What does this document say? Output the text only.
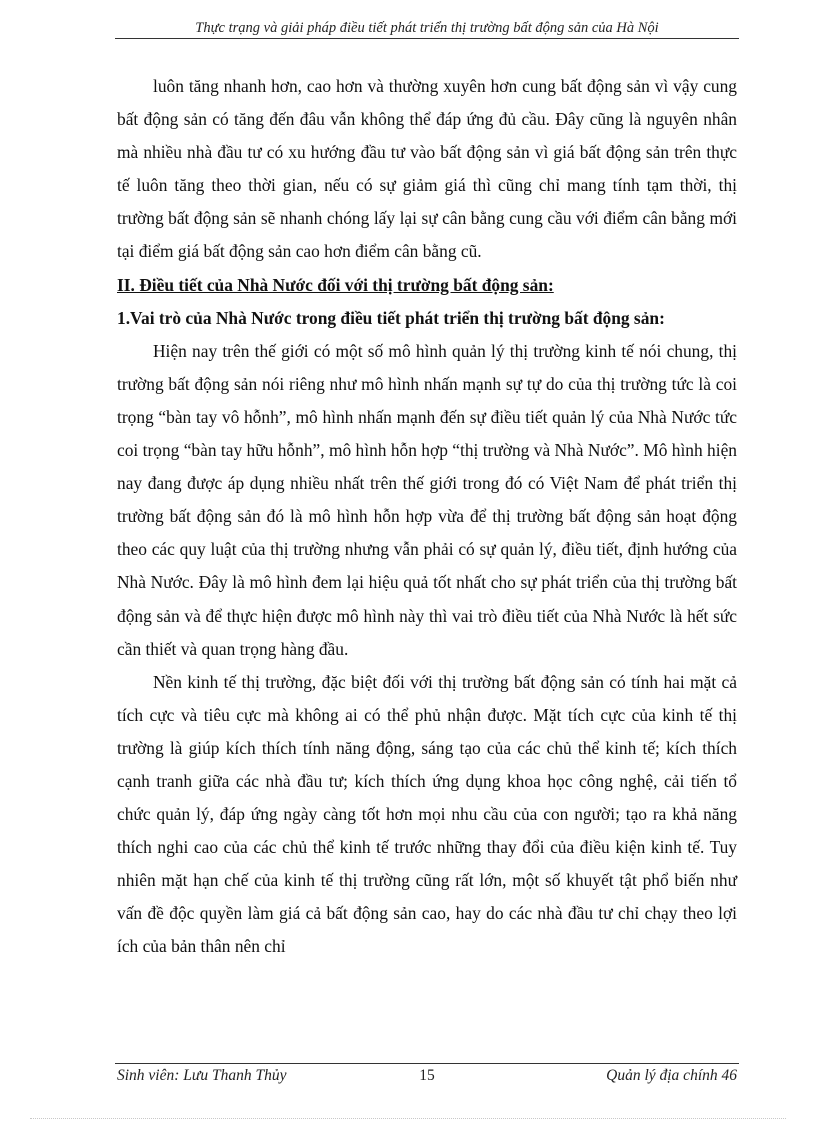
Thực trạng và giải pháp điều tiết phát triển thị trường bất động sản của Hà Nội

luôn tăng nhanh hơn, cao hơn và thường xuyên hơn cung bất động sản vì vậy cung bất động sản có tăng đến đâu vẫn không thể đáp ứng đủ cầu. Đây cũng là nguyên nhân mà nhiều nhà đầu tư có xu hướng đầu tư vào bất động sản vì giá bất động sản trên thực tế luôn tăng theo thời gian, nếu có sự giảm giá thì cũng chỉ mang tính tạm thời, thị trường bất động sản sẽ nhanh chóng lấy lại sự cân bằng cung cầu với điểm cân bằng mới tại điểm giá bất động sản cao hơn điểm cân bằng cũ.

II. Điều tiết của Nhà Nước đối với thị trường bất động sản:

1.Vai trò của Nhà Nước trong điều tiết phát triển thị trường bất động sản:

Hiện nay trên thế giới có một số mô hình quản lý thị trường kinh tế nói chung, thị trường bất động sản nói riêng như mô hình nhấn mạnh sự tự do của thị trường tức là coi trọng “bàn tay vô hỗnh”, mô hình nhấn mạnh đến sự điều tiết quản lý của Nhà Nước tức coi trọng “bàn tay hữu hỗnh”, mô hình hỗn hợp “thị trường và Nhà Nước”. Mô hình hiện nay đang được áp dụng nhiều nhất trên thế giới trong đó có Việt Nam để phát triển thị trường bất động sản đó là mô hình hỗn hợp vừa để thị trường bất động sản hoạt động theo các quy luật của thị trường nhưng vẫn phải có sự quản lý, điều tiết, định hướng của Nhà Nước. Đây là mô hình đem lại hiệu quả tốt nhất cho sự phát triển của thị trường bất động sản và để thực hiện được mô hình này thì vai trò điều tiết của Nhà Nước là hết sức cần thiết và quan trọng hàng đầu.

Nền kinh tế thị trường, đặc biệt đối với thị trường bất động sản có tính hai mặt cả tích cực và tiêu cực mà không ai có thể phủ nhận được. Mặt tích cực của kinh tế thị trường là giúp kích thích tính năng động, sáng tạo của các chủ thể kinh tế; kích thích cạnh tranh giữa các nhà đầu tư; kích thích ứng dụng khoa học công nghệ, cải tiến tổ chức quản lý, đáp ứng ngày càng tốt hơn mọi nhu cầu của con người; tạo ra khả năng thích nghi cao của các chủ thể kinh tế trước những thay đổi của điều kiện kinh tế. Tuy nhiên mặt hạn chế của kinh tế thị trường cũng rất lớn, một số khuyết tật phổ biến như vấn đề độc quyền làm giá cả bất động sản cao, hay do các nhà đầu tư chỉ chạy theo lợi ích của bản thân nên chỉ

Sinh viên: Lưu Thanh Thủy	15	Quản lý địa chính 46
